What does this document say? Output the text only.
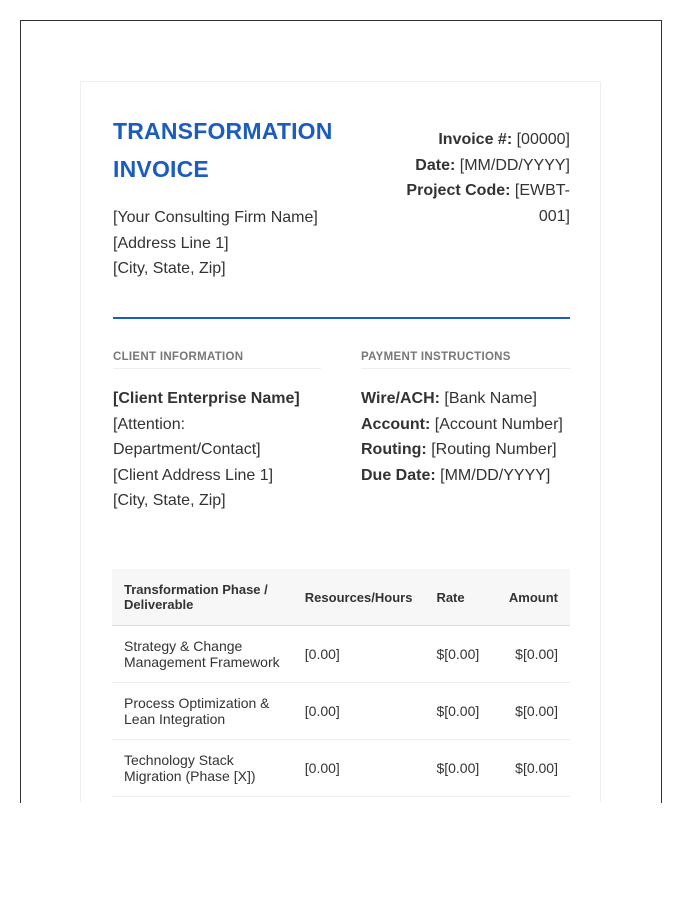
TRANSFORMATION
INVOICE
[Your Consulting Firm Name]
[Address Line 1]
[City, State, Zip]
Invoice #: [00000]
Date: [MM/DD/YYYY]
Project Code: [EWBT-
001]
CLIENT INFORMATION	PAYMENT INSTRUCTIONS
[Client Enterprise Name]
[Attention:
Department/Contact]
[Client Address Line 1]
[City, State, Zip]
Wire/ACH: [Bank Name]
Account: [Account Number]
Routing: [Routing Number]
Due Date: [MM/DD/YYYY]
Transformation Phase / Deliverable	Resources/Hours	Rate	Amount
Strategy & Change Management Framework	[0.00]	$[0.00]	$[0.00]
Process Optimization & Lean Integration	[0.00]	$[0.00]	$[0.00]
Technology Stack Migration (Phase [X])	[0.00]	$[0.00]	$[0.00]
